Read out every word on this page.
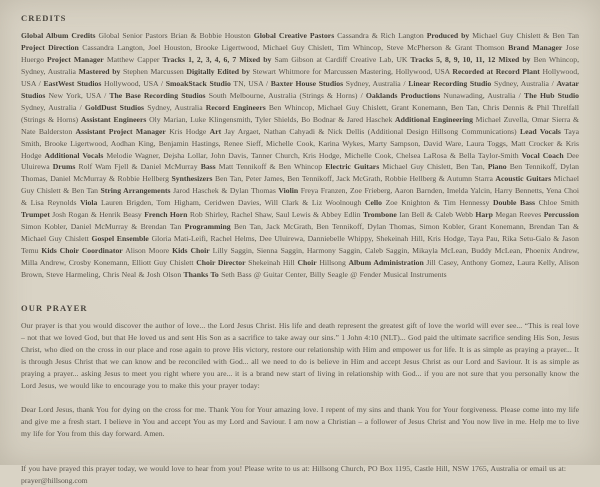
CREDITS

Global Album Credits Global Senior Pastors Brian & Bobbie Houston Global Creative Pastors Cassandra & Rich Langton Produced by Michael Guy Chislett & Ben Tan Project Direction Cassandra Langton, Joel Houston, Brooke Ligertwood, Michael Guy Chislett, Tim Whincop, Steve McPherson & Grant Thomson Brand Manager Jose Huergo Project Manager Matthew Capper Tracks 1, 2, 3, 4, 6, 7 Mixed by Sam Gibson at Cardiff Creative Lab, UK Tracks 5, 8, 9, 10, 11, 12 Mixed by Ben Whincop, Sydney, Australia Mastered by Stephen Marcussen Digitally Edited by Stewart Whitmore for Marcussen Mastering, Hollywood, USA Recorded at Record Plant Hollywood, USA / EastWest Studios Hollywood, USA / SmoakStack Studio TN, USA / Baxter House Studios Sydney, Australia / Linear Recording Studio Sydney, Australia / Avatar Studios New York, USA / The Base Recording Studios South Melbourne, Australia (Strings & Horns) / Oaklands Productions Nunawading, Australia / The Hub Studio Sydney, Australia / GoldDust Studios Sydney, Australia Record Engineers Ben Whincop, Michael Guy Chislett, Grant Konemann, Ben Tan, Chris Dennis & Phil Threlfall (Strings & Horns) Assistant Engineers Oly Marian, Luke Klingensmith, Tyler Shields, Bo Bodnar & Jared Haschek Additional Engineering Michael Zuvella, Omar Sierra & Nate Balderston Assistant Project Manager Kris Hodge Art Jay Argaet, Nathan Cahyadi & Nick Dellis (Additional Design Hillsong Communications) Lead Vocals Taya Smith, Brooke Ligertwood, Aodhan King, Benjamin Hastings, Renee Sieff, Michelle Cook, Karina Wykes, Marty Sampson, David Ware, Laura Toggs, Matt Crocker & Kris Hodge Additional Vocals Melodie Wagner, Dejsha Lollar, John Davis, Tanner Church, Kris Hodge, Michelle Cook, Chelsea LaRosa & Bella Taylor-Smith Vocal Coach Dee Uluirewa Drums Rolf Wam Fjell & Daniel McMurray Bass Matt Tennikoff & Ben Whincop Electric Guitars Michael Guy Chislett, Ben Tan, Piano Ben Tennikoff, Dylan Thomas, Daniel McMurray & Robbie Hellberg Synthesizers Ben Tan, Peter James, Ben Tennikoff, Jack McGrath, Robbie Hellberg & Autumn Starra Acoustic Guitars Michael Guy Chislett & Ben Tan String Arrangements Jarod Haschek & Dylan Thomas Violin Freya Franzen, Zoe Frieberg, Aaron Barnden, Imelda Yalcin, Harry Bennetts, Yena Choi & Lisa Reynolds Viola Lauren Brigden, Tom Higham, Ceridwen Davies, Will Clark & Liz Woolnough Cello Zoe Knighton & Tim Hennessy Double Bass Chloe Smith Trumpet Josh Rogan & Henrik Beasy French Horn Rob Shirley, Rachel Shaw, Saul Lewis & Abbey Edlin Trombone Ian Bell & Caleb Webb Harp Megan Reeves Percussion Simon Kobler, Daniel McMurray & Brendan Tan Programming Ben Tan, Jack McGrath, Ben Tennikoff, Dylan Thomas, Simon Kobler, Grant Konemann, Brendan Tan & Michael Guy Chislett Gospel Ensemble Gloria Mati-Leifi, Rachel Helms, Dee Uluirewa, Danniebelle Whippy, Shekeinah Hill, Kris Hodge, Taya Pau, Rika Setu-Galo & Jason Temu Kids Choir Coordinator Alison Moore Kids Choir Lilly Saggin, Sienna Saggin, Harmony Saggin, Caleb Saggin, Mikayla McLean, Buddy McLean, Phoenix Andrew, Milla Andrew, Crosby Konemann, Elliott Guy Chislett Choir Director Shekeinah Hill Choir Hillsong Album Administration Jill Casey, Anthony Gomez, Laura Kelly, Alison Brown, Steve Harmeling, Chris Neal & Josh Olson Thanks To Seth Bass @ Guitar Center, Billy Seagle @ Fender Musical Instruments

OUR PRAYER

Our prayer is that you would discover the author of love... the Lord Jesus Christ. His life and death represent the greatest gift of love the world will ever see... “This is real love – not that we loved God, but that He loved us and sent His Son as a sacrifice to take away our sins.” 1 John 4:10 (NLT)... God paid the ultimate sacrifice sending His Son, Jesus Christ, who died on the cross in our place and rose again to prove His victory, restore our relationship with Him and empower us for life. It is as simple as praying a prayer... It is through Jesus Christ that we can know and be reconciled with God... all we need to do is believe in Him and accept Jesus Christ as our Lord and Saviour. It is as simple as praying a prayer... asking Jesus to meet you right where you are... it is a brand new start of living in relationship with God... if you are not sure that you personally know the Lord Jesus, we would like to encourage you to make this your prayer today:

Dear Lord Jesus, thank You for dying on the cross for me. Thank You for Your amazing love. I repent of my sins and thank You for Your forgiveness. Please come into my life and give me a fresh start. I believe in You and accept You as my Lord and Saviour. I am now a Christian – a follower of Jesus Christ and You now live in me. Help me to live my life for You from this day forward. Amen.

If you have prayed this prayer today, we would love to hear from you! Please write to us at: Hillsong Church, PO Box 1195, Castle Hill, NSW 1765, Australia or email us at: prayer@hillsong.com
